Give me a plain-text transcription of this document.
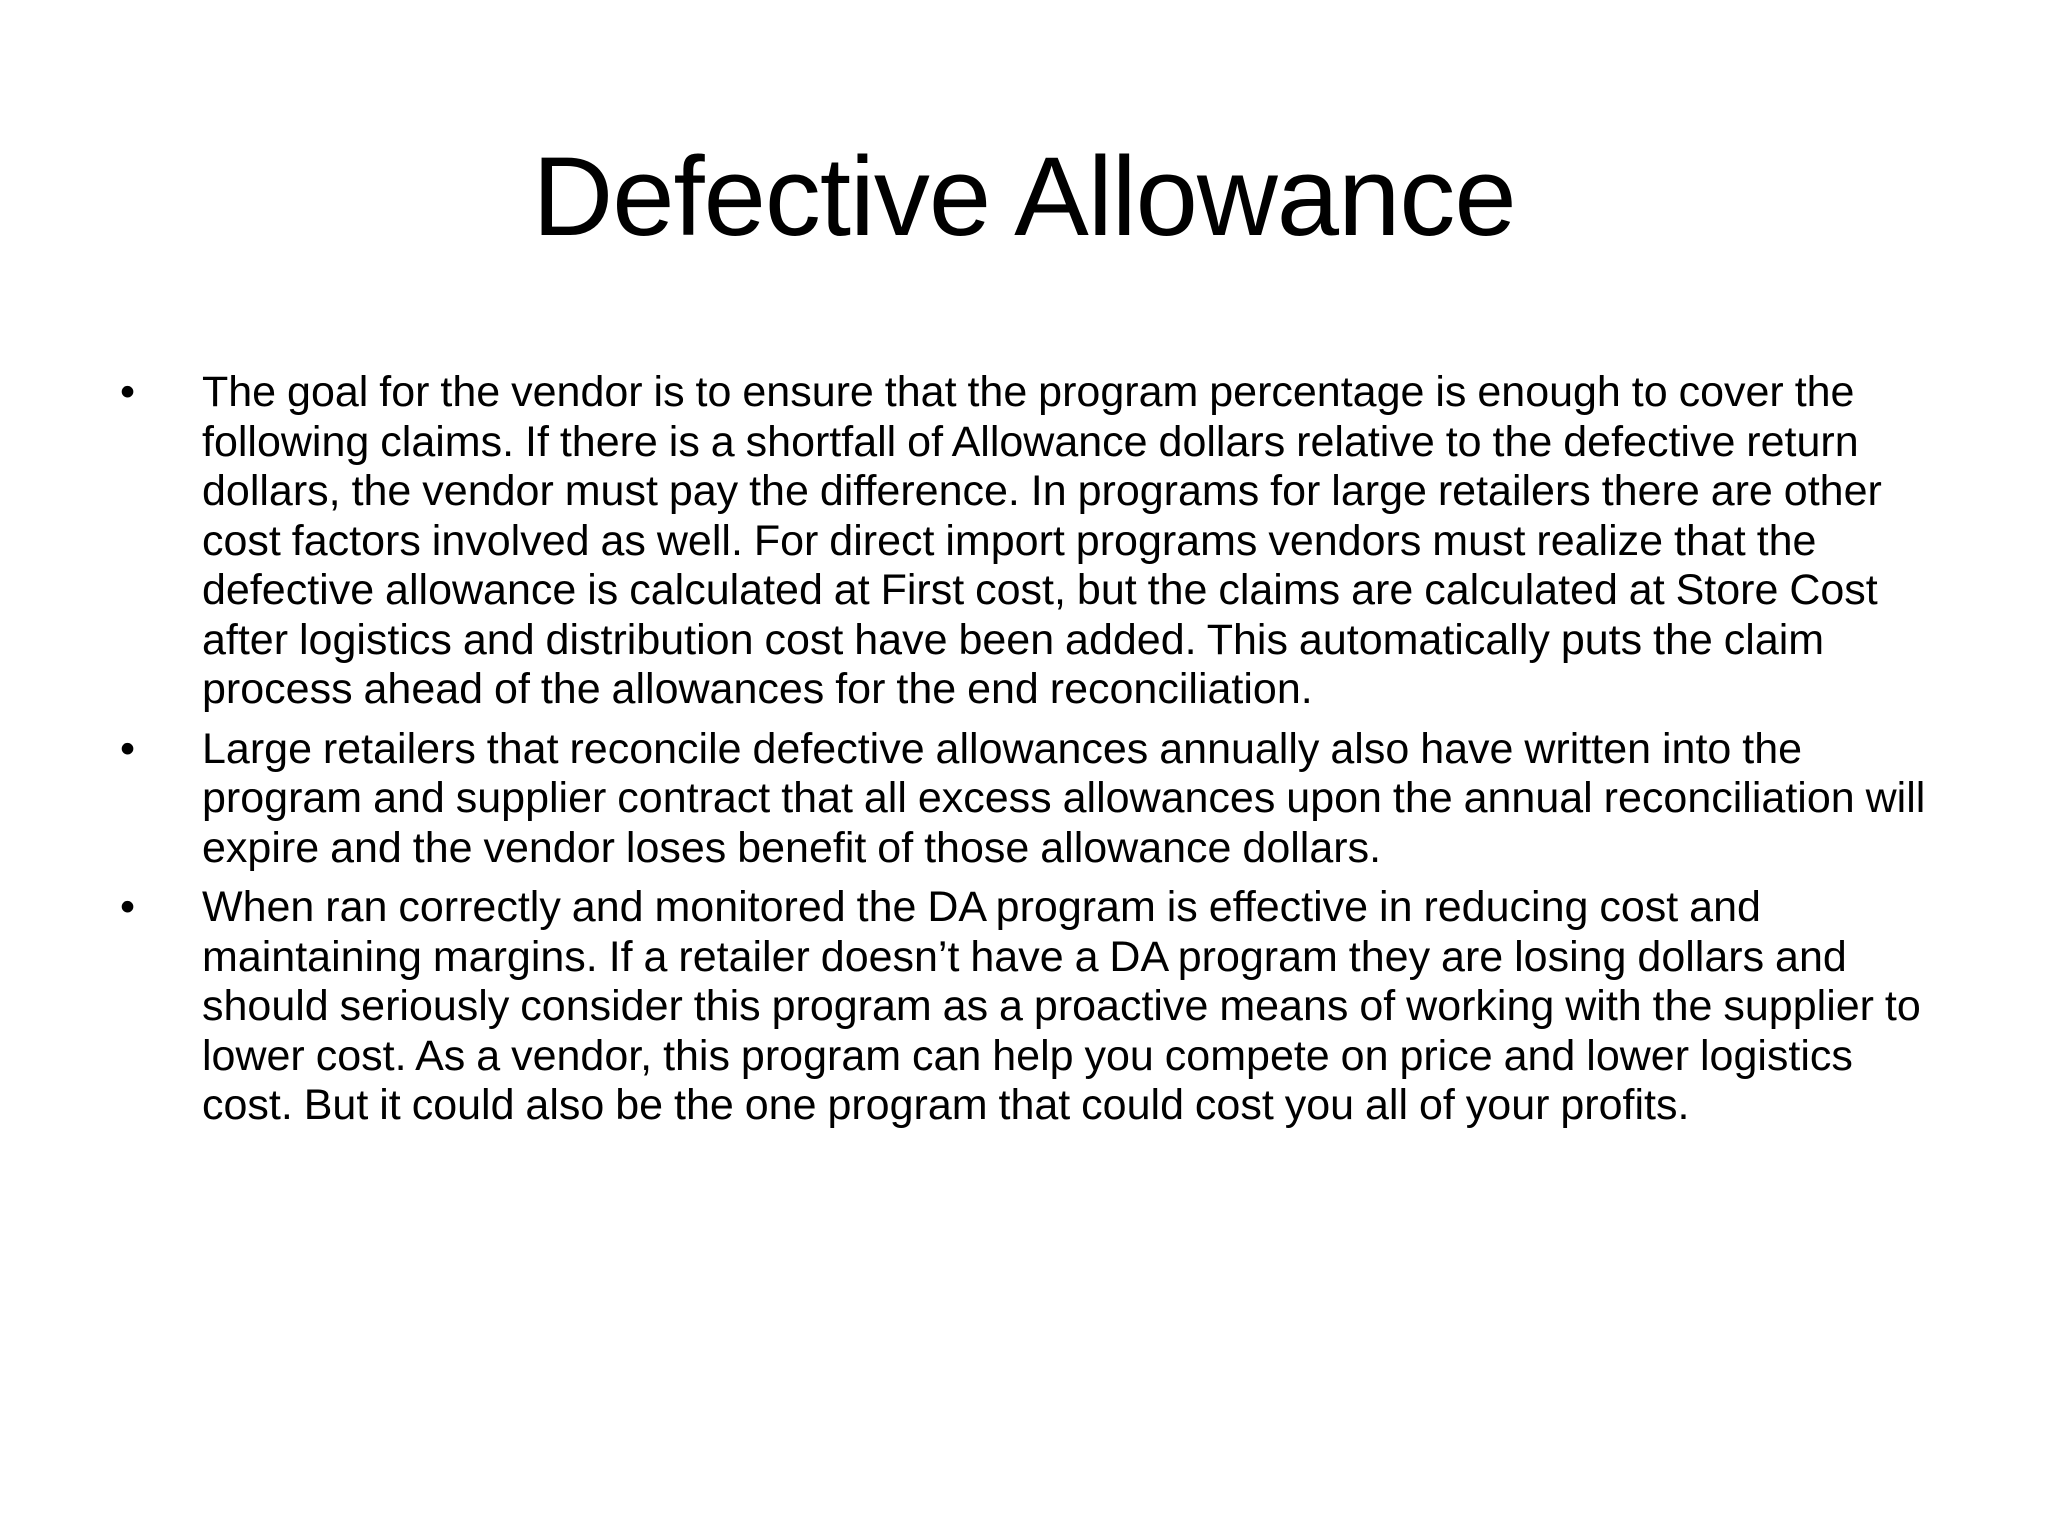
Defective Allowance
•	The goal for the vendor is to ensure that the program percentage is enough to cover the following claims. If there is a shortfall of Allowance dollars relative to the defective return dollars, the vendor must pay the difference. In programs for large retailers there are other cost factors involved as well. For direct import programs vendors must realize that the defective allowance is calculated at First cost, but the claims are calculated at Store Cost after logistics and distribution cost have been added. This automatically puts the claim process ahead of the allowances for the end reconciliation.
•	Large retailers that reconcile defective allowances annually also have written into the program and supplier contract that all excess allowances upon the annual reconciliation will expire and the vendor loses benefit of those allowance dollars.
•	When ran correctly and monitored the DA program is effective in reducing cost and maintaining margins. If a retailer doesn’t have a DA program they are losing dollars and should seriously consider this program as a proactive means of working with the supplier to lower cost. As a vendor, this program can help you compete on price and lower logistics cost. But it could also be the one program that could cost you all of your profits.
